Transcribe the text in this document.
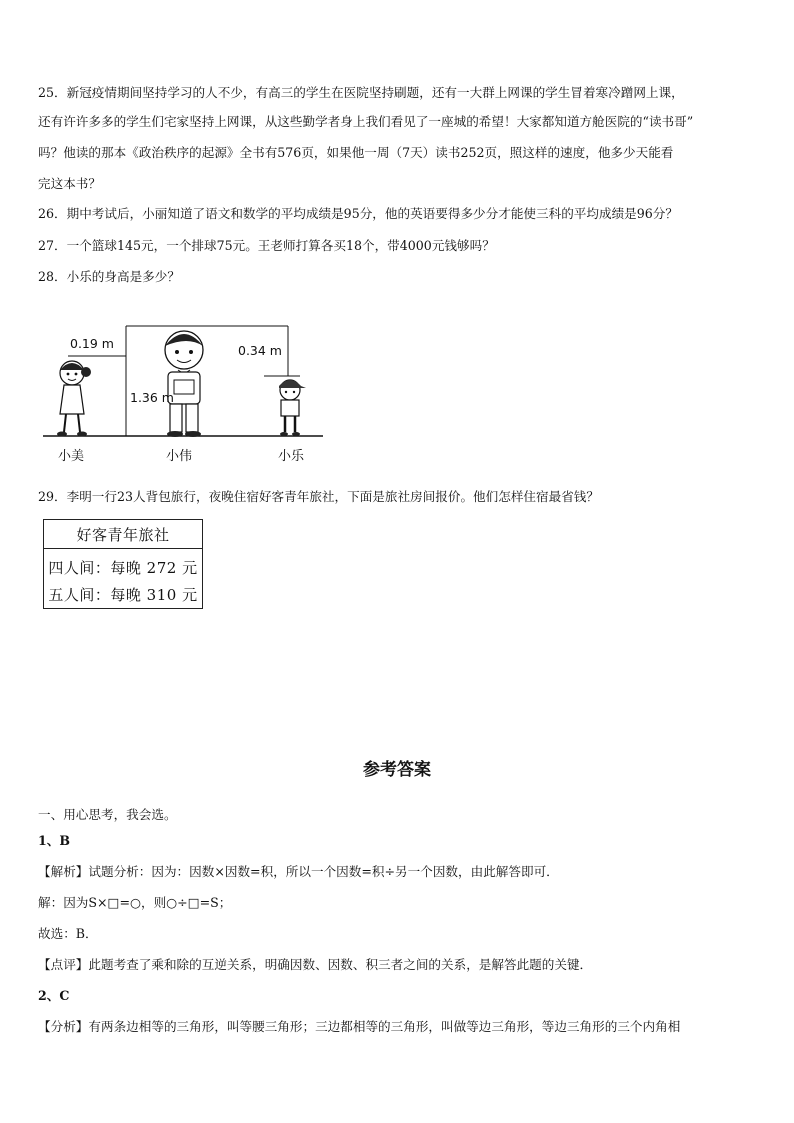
25．新冠疫情期间坚持学习的人不少，有高三的学生在医院坚持刷题，还有一大群上网课的学生冒着寒冷蹭网上课，
还有许许多多的学生们宅家坚持上网课，从这些勤学者身上我们看见了一座城的希望！大家都知道方舱医院的“读书哥”
吗？他读的那本《政治秩序的起源》全书有576页，如果他一周（7天）读书252页，照这样的速度，他多少天能看
完这本书？
26．期中考试后，小丽知道了语文和数学的平均成绩是95分，他的英语要得多少分才能使三科的平均成绩是96分？
27．一个篮球145元，一个排球75元。王老师打算各买18个，带4000元钱够吗？
28．小乐的身高是多少？
0.19 m
1.36 m
0.34 m
小美	小伟	小乐
29．李明一行23人背包旅行，夜晚住宿好客青年旅社，下面是旅社房间报价。他们怎样住宿最省钱？
好客青年旅社
四人间：每晚 272 元
五人间：每晚 310 元
参考答案
一、用心思考，我会选。
1、B
【解析】试题分析：因为：因数×因数=积，所以一个因数=积÷另一个因数，由此解答即可．
解：因为S×□=○，则○÷□=S；
故选：B．
【点评】此题考查了乘和除的互逆关系，明确因数、因数、积三者之间的关系，是解答此题的关键．
2、C
【分析】有两条边相等的三角形，叫等腰三角形；三边都相等的三角形，叫做等边三角形，等边三角形的三个内角相
